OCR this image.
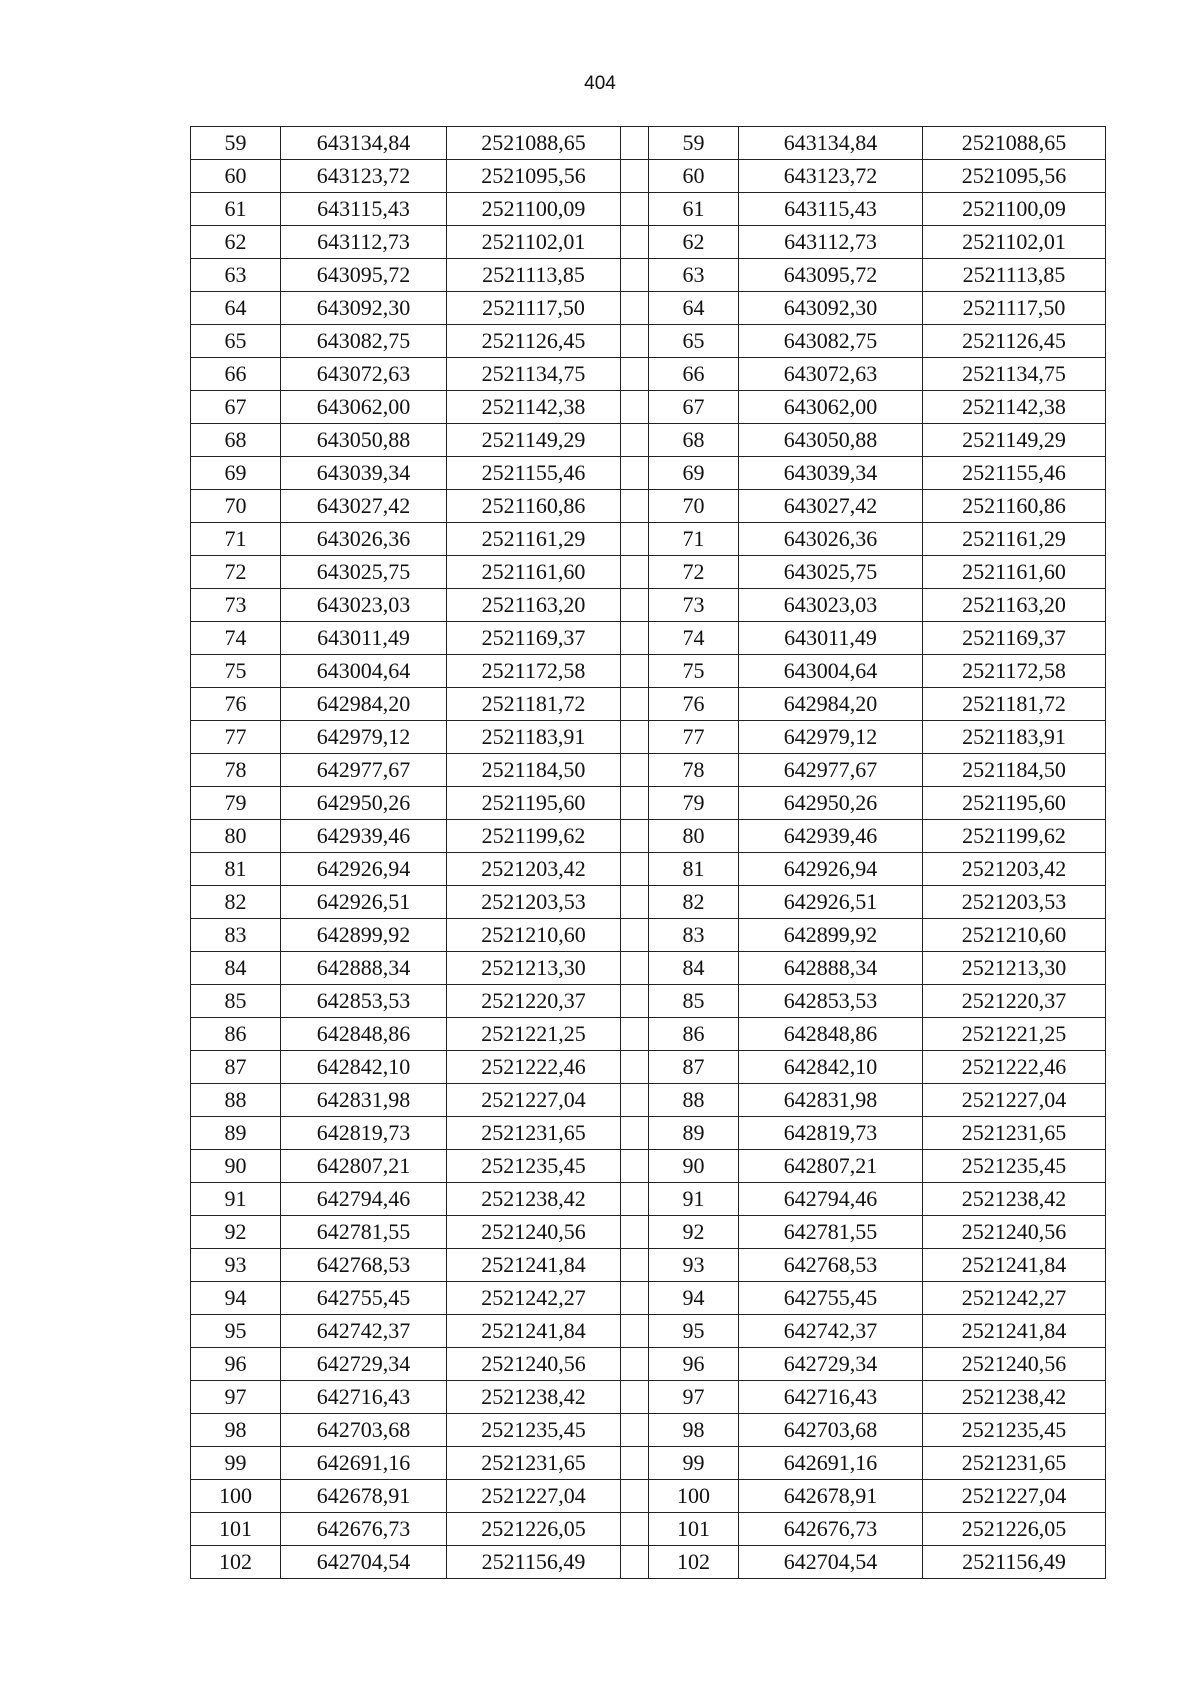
404
59	643134,84	2521088,65		59	643134,84	2521088,65
60	643123,72	2521095,56		60	643123,72	2521095,56
61	643115,43	2521100,09		61	643115,43	2521100,09
62	643112,73	2521102,01		62	643112,73	2521102,01
63	643095,72	2521113,85		63	643095,72	2521113,85
64	643092,30	2521117,50		64	643092,30	2521117,50
65	643082,75	2521126,45		65	643082,75	2521126,45
66	643072,63	2521134,75		66	643072,63	2521134,75
67	643062,00	2521142,38		67	643062,00	2521142,38
68	643050,88	2521149,29		68	643050,88	2521149,29
69	643039,34	2521155,46		69	643039,34	2521155,46
70	643027,42	2521160,86		70	643027,42	2521160,86
71	643026,36	2521161,29		71	643026,36	2521161,29
72	643025,75	2521161,60		72	643025,75	2521161,60
73	643023,03	2521163,20		73	643023,03	2521163,20
74	643011,49	2521169,37		74	643011,49	2521169,37
75	643004,64	2521172,58		75	643004,64	2521172,58
76	642984,20	2521181,72		76	642984,20	2521181,72
77	642979,12	2521183,91		77	642979,12	2521183,91
78	642977,67	2521184,50		78	642977,67	2521184,50
79	642950,26	2521195,60		79	642950,26	2521195,60
80	642939,46	2521199,62		80	642939,46	2521199,62
81	642926,94	2521203,42		81	642926,94	2521203,42
82	642926,51	2521203,53		82	642926,51	2521203,53
83	642899,92	2521210,60		83	642899,92	2521210,60
84	642888,34	2521213,30		84	642888,34	2521213,30
85	642853,53	2521220,37		85	642853,53	2521220,37
86	642848,86	2521221,25		86	642848,86	2521221,25
87	642842,10	2521222,46		87	642842,10	2521222,46
88	642831,98	2521227,04		88	642831,98	2521227,04
89	642819,73	2521231,65		89	642819,73	2521231,65
90	642807,21	2521235,45		90	642807,21	2521235,45
91	642794,46	2521238,42		91	642794,46	2521238,42
92	642781,55	2521240,56		92	642781,55	2521240,56
93	642768,53	2521241,84		93	642768,53	2521241,84
94	642755,45	2521242,27		94	642755,45	2521242,27
95	642742,37	2521241,84		95	642742,37	2521241,84
96	642729,34	2521240,56		96	642729,34	2521240,56
97	642716,43	2521238,42		97	642716,43	2521238,42
98	642703,68	2521235,45		98	642703,68	2521235,45
99	642691,16	2521231,65		99	642691,16	2521231,65
100	642678,91	2521227,04		100	642678,91	2521227,04
101	642676,73	2521226,05		101	642676,73	2521226,05
102	642704,54	2521156,49		102	642704,54	2521156,49
